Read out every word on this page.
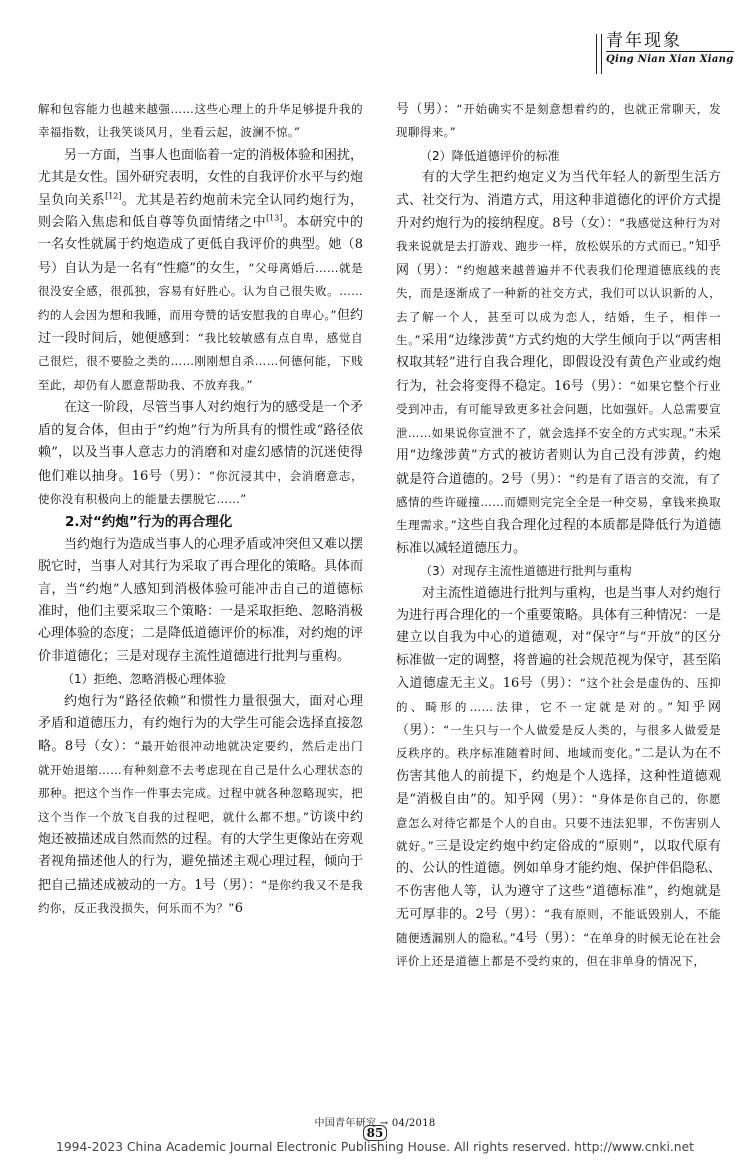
青年现象
Qing Nian Xian Xiang

解和包容能力也越来越强……这些心理上的升华足够提升我的幸福指数，让我笑谈风月，坐看云起，波澜不惊。”

另一方面，当事人也面临着一定的消极体验和困扰，尤其是女性。国外研究表明，女性的自我评价水平与约炮呈负向关系[12]。尤其是若约炮前未完全认同约炮行为，则会陷入焦虑和低自尊等负面情绪之中[13]。本研究中的一名女性就属于约炮造成了更低自我评价的典型。她（8号）自认为是一名有“性瘾”的女生，“父母离婚后……就是很没安全感，很孤独，容易有好胜心。认为自己很失败。……约的人会因为想和我睡，而用夸赞的话安慰我的自卑心。”但约过一段时间后，她便感到：“我比较敏感有点自卑，感觉自己很烂，很不要脸之类的……刚刚想自杀……何德何能，下贱至此，却仍有人愿意帮助我、不放弃我。”

在这一阶段，尽管当事人对约炮行为的感受是一个矛盾的复合体，但由于“约炮”行为所具有的惯性或“路径依赖”，以及当事人意志力的消磨和对虚幻感情的沉迷使得他们难以抽身。16号（男）：“你沉浸其中，会消磨意志，使你没有积极向上的能量去摆脱它……”

2.对“约炮”行为的再合理化

当约炮行为造成当事人的心理矛盾或冲突但又难以摆脱它时，当事人对其行为采取了再合理化的策略。具体而言，当“约炮”人感知到消极体验可能冲击自己的道德标准时，他们主要采取三个策略：一是采取拒绝、忽略消极心理体验的态度；二是降低道德评价的标准，对约炮的评价非道德化；三是对现存主流性道德进行批判与重构。

（1）拒绝、忽略消极心理体验

约炮行为“路径依赖”和惯性力量很强大，面对心理矛盾和道德压力，有约炮行为的大学生可能会选择直接忽略。8号（女）：“最开始很冲动地就决定要约，然后走出门就开始退缩……有种刻意不去考虑现在自己是什么心理状态的那种。把这个当作一件事去完成。过程中就各种忽略现实，把这个当作一个放飞自我的过程吧，就什么都不想。”访谈中约炮还被描述成自然而然的过程。有的大学生更像站在旁观者视角描述他人的行为，避免描述主观心理过程，倾向于把自己描述成被动的一方。1号（男）：“是你约我又不是我约你，反正我没损失，何乐而不为？”6

号（男）：“开始确实不是刻意想着约的，也就正常聊天，发现聊得来。”

（2）降低道德评价的标准

有的大学生把约炮定义为当代年轻人的新型生活方式、社交行为、消遣方式，用这种非道德化的评价方式提升对约炮行为的接纳程度。8号（女）：“我感觉这种行为对我来说就是去打游戏、跑步一样，放松娱乐的方式而已。”知乎网（男）：“约炮越来越普遍并不代表我们伦理道德底线的丧失，而是逐渐成了一种新的社交方式，我们可以认识新的人，去了解一个人，甚至可以成为恋人，结婚，生子，相伴一生。”采用“边缘涉黄”方式约炮的大学生倾向于以“两害相权取其轻”进行自我合理化，即假设没有黄色产业或约炮行为，社会将变得不稳定。16号（男）：“如果它整个行业受到冲击，有可能导致更多社会问题，比如强奸。人总需要宣泄……如果说你宣泄不了，就会选择不安全的方式实现。”未采用“边缘涉黄”方式的被访者则认为自己没有涉黄，约炮就是符合道德的。2号（男）：“约是有了语言的交流，有了感情的些许碰撞……而嫖则完完全全是一种交易，拿钱来换取生理需求。”这些自我合理化过程的本质都是降低行为道德标准以减轻道德压力。

（3）对现存主流性道德进行批判与重构

对主流性道德进行批判与重构，也是当事人对约炮行为进行再合理化的一个重要策略。具体有三种情况：一是建立以自我为中心的道德观，对“保守”与“开放”的区分标准做一定的调整，将普遍的社会规范视为保守，甚至陷入道德虚无主义。16号（男）：“这个社会是虚伪的、压抑的、畸形的……法律，它不一定就是对的。”知乎网（男）：“一生只与一个人做爱是反人类的，与很多人做爱是反秩序的。秩序标准随着时间、地域而变化。”二是认为在不伤害其他人的前提下，约炮是个人选择，这种性道德观是“消极自由”的。知乎网（男）：“身体是你自己的，你愿意怎么对待它都是个人的自由。只要不违法犯罪，不伤害别人就好。”三是设定约炮中约定俗成的“原则”，以取代原有的、公认的性道德。例如单身才能约炮、保护伴侣隐私、不伤害他人等，认为遵守了这些“道德标准”，约炮就是无可厚非的。2号（男）：“我有原则，不能诋毁别人，不能随便透漏别人的隐私。”4号（男）：“在单身的时候无论在社会评价上还是道德上都是不受约束的，但在非单身的情况下，

中国青年研究 → 04/2018
85
1994-2023 China Academic Journal Electronic Publishing House. All rights reserved. http://www.cnki.net
